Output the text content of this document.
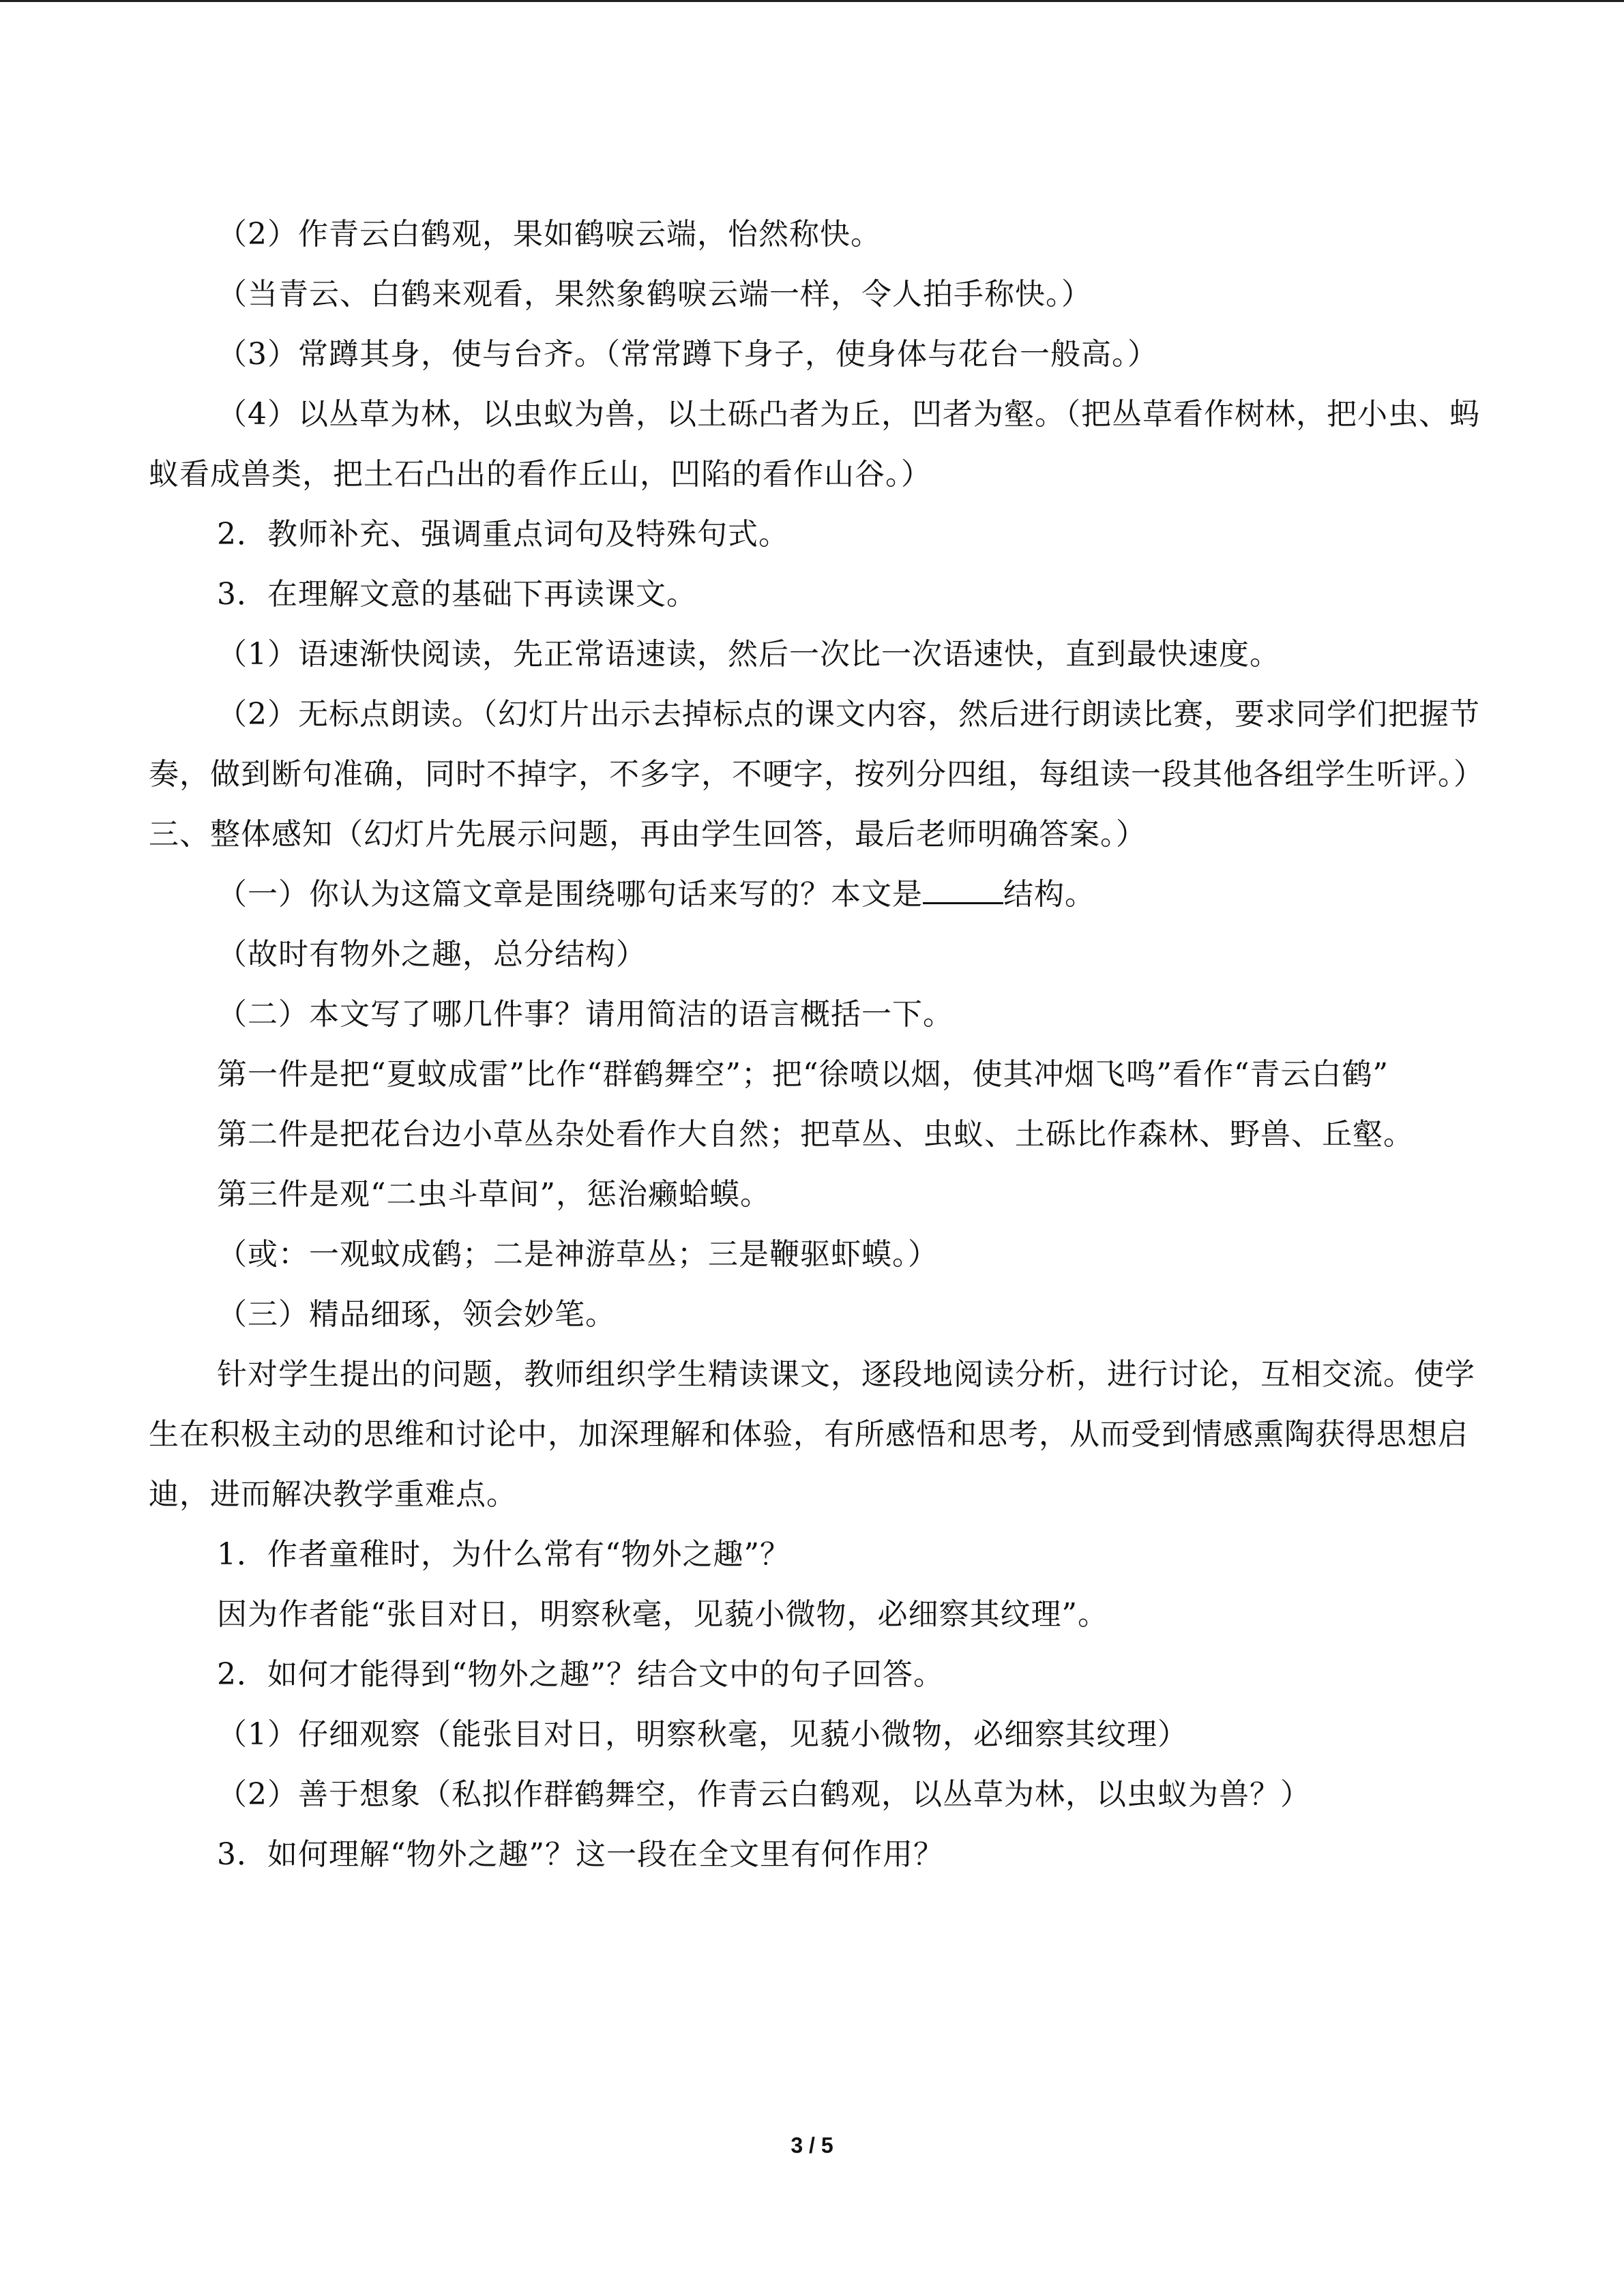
（2）作青云白鹤观，果如鹤唳云端，怡然称快。

（当青云、白鹤来观看，果然象鹤唳云端一样，令人拍手称快。）

（3）常蹲其身，使与台齐。（常常蹲下身子，使身体与花台一般高。）

（4）以丛草为林，以虫蚁为兽，以土砾凸者为丘，凹者为壑。（把丛草看作树林，把小虫、蚂蚁看成兽类，把土石凸出的看作丘山，凹陷的看作山谷。）

2．教师补充、强调重点词句及特殊句式。

3．在理解文意的基础下再读课文。

（1）语速渐快阅读，先正常语速读，然后一次比一次语速快，直到最快速度。

（2）无标点朗读。（幻灯片出示去掉标点的课文内容，然后进行朗读比赛，要求同学们把握节奏，做到断句准确，同时不掉字，不多字，不哽字，按列分四组，每组读一段其他各组学生听评。）

三、整体感知（幻灯片先展示问题，再由学生回答，最后老师明确答案。）

（一）你认为这篇文章是围绕哪句话来写的？本文是	结构。

（故时有物外之趣，总分结构）

（二）本文写了哪几件事？请用简洁的语言概括一下。

第一件是把“夏蚊成雷”比作“群鹤舞空”；把“徐喷以烟，使其冲烟飞鸣”看作“青云白鹤”

第二件是把花台边小草丛杂处看作大自然；把草丛、虫蚁、土砾比作森林、野兽、丘壑。

第三件是观“二虫斗草间”，惩治癞蛤蟆。

（或：一观蚊成鹤；二是神游草丛；三是鞭驱虾蟆。）

（三）精品细琢，领会妙笔。

针对学生提出的问题，教师组织学生精读课文，逐段地阅读分析，进行讨论，互相交流。使学生在积极主动的思维和讨论中，加深理解和体验，有所感悟和思考，从而受到情感熏陶获得思想启迪，进而解决教学重难点。

1．作者童稚时，为什么常有“物外之趣”？

因为作者能“张目对日，明察秋毫，见藐小微物，必细察其纹理”。

2．如何才能得到“物外之趣”？结合文中的句子回答。

（1）仔细观察（能张目对日，明察秋毫，见藐小微物，必细察其纹理）

（2）善于想象（私拟作群鹤舞空，作青云白鹤观，以丛草为林，以虫蚁为兽？）

3．如何理解“物外之趣”？这一段在全文里有何作用？

3 / 5
